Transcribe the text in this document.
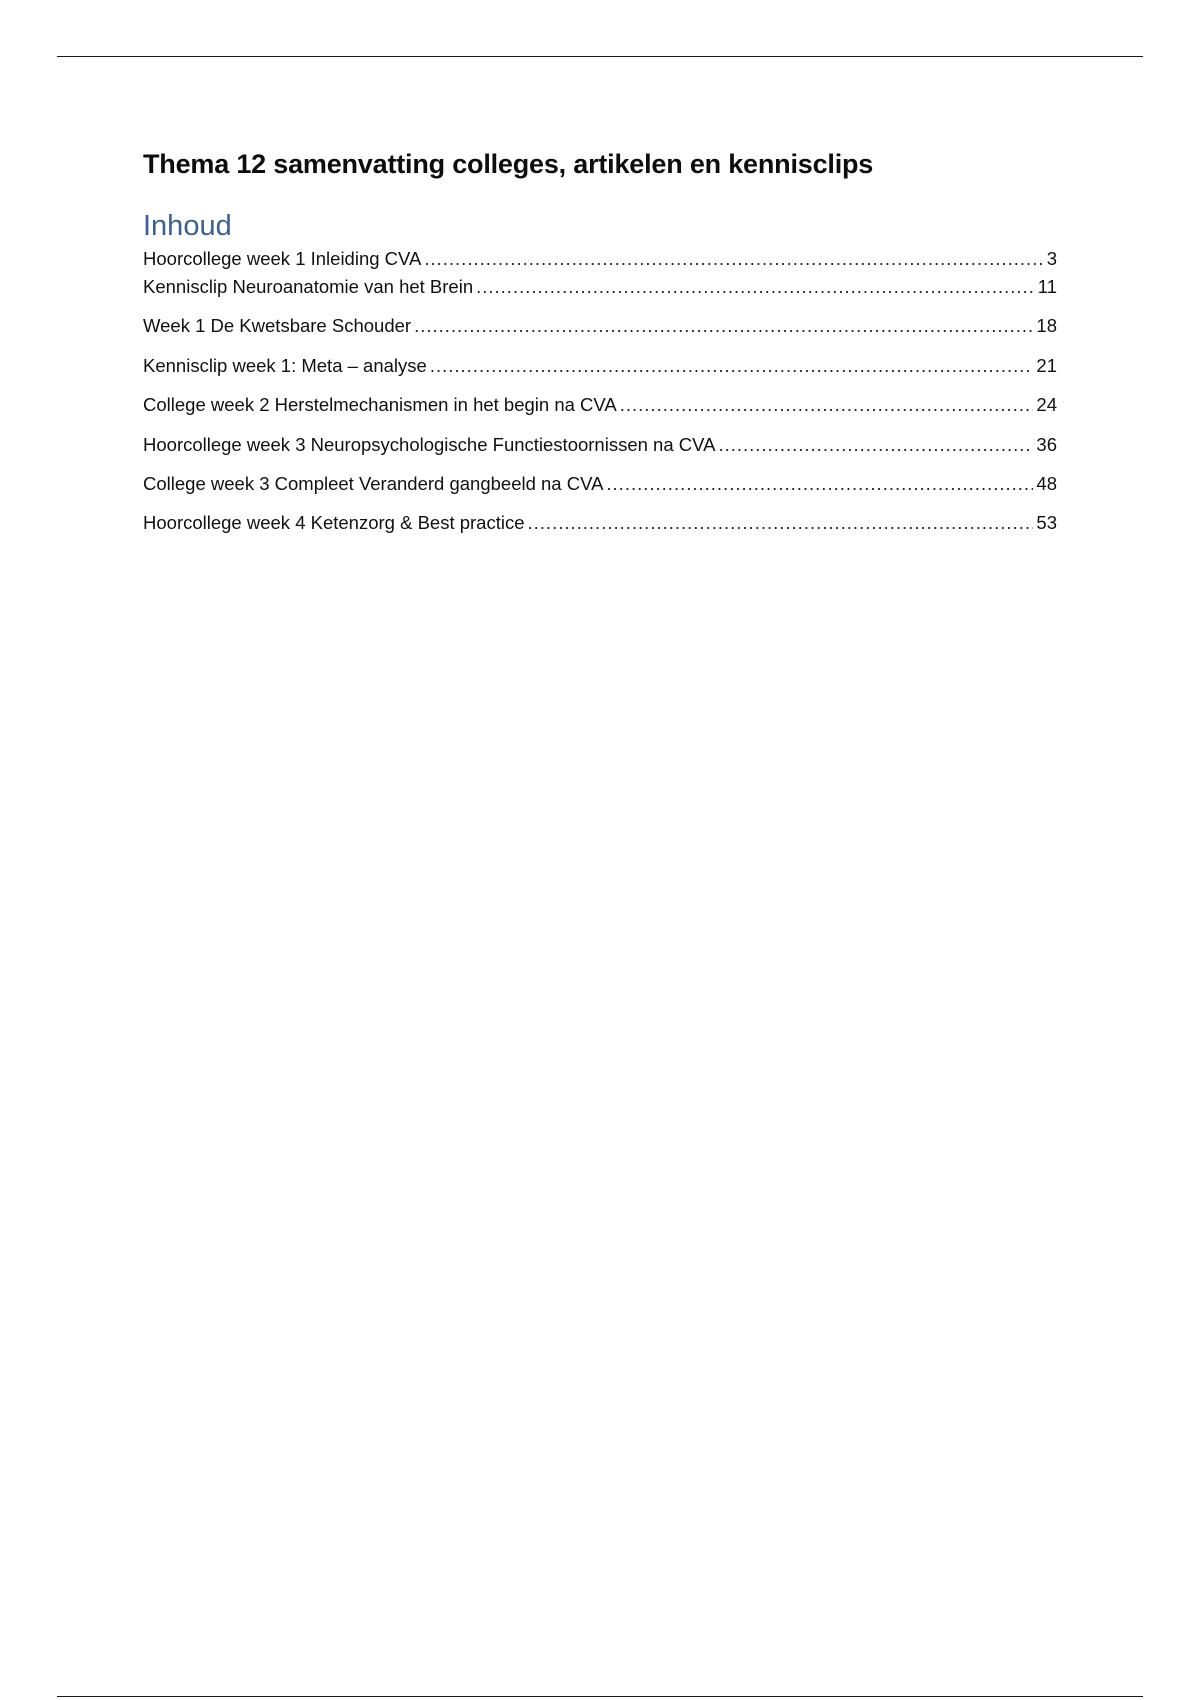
Thema 12 samenvatting colleges, artikelen en kennisclips
Inhoud
Hoorcollege week 1 Inleiding CVA .....	3
Kennisclip Neuroanatomie van het Brein .....	11
Week 1 De Kwetsbare Schouder .....	18
Kennisclip week 1: Meta – analyse .....	21
College week 2 Herstelmechanismen in het begin na CVA .....	24
Hoorcollege week 3 Neuropsychologische Functiestoornissen na CVA .....	36
College week 3 Compleet Veranderd gangbeeld na CVA .....	48
Hoorcollege week 4 Ketenzorg & Best practice .....	53
